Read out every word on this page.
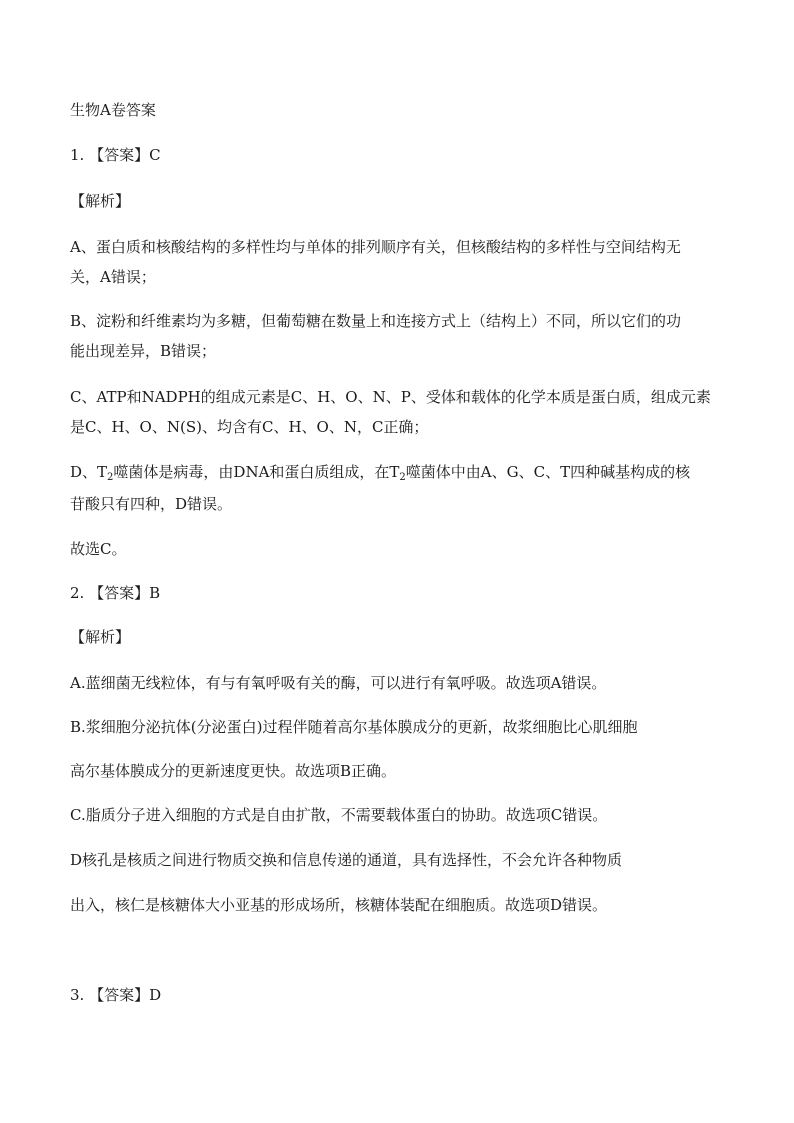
生物A卷答案
1. 【答案】C
【解析】
A、蛋白质和核酸结构的多样性均与单体的排列顺序有关，但核酸结构的多样性与空间结构无
关，A错误；
B、淀粉和纤维素均为多糖，但葡萄糖在数量上和连接方式上（结构上）不同，所以它们的功
能出现差异，B错误；
C、ATP和NADPH的组成元素是C、H、O、N、P、受体和载体的化学本质是蛋白质，组成元素
是C、H、O、N(S)、均含有C、H、O、N，C正确；
D、$T_2$噬菌体是病毒，由DNA和蛋白质组成，在$T_2$噬菌体中由A、G、C、T四种碱基构成的核
苷酸只有四种，D错误。
故选C。
2. 【答案】B
【解析】
A.蓝细菌无线粒体，有与有氧呼吸有关的酶，可以进行有氧呼吸。故选项A错误。
B.浆细胞分泌抗体(分泌蛋白)过程伴随着高尔基体膜成分的更新，故浆细胞比心肌细胞
高尔基体膜成分的更新速度更快。故选项B正确。
C.脂质分子进入细胞的方式是自由扩散，不需要载体蛋白的协助。故选项C错误。
D核孔是核质之间进行物质交换和信息传递的通道，具有选择性，不会允许各种物质
出入，核仁是核糖体大小亚基的形成场所，核糖体装配在细胞质。故选项D错误。
3. 【答案】D
